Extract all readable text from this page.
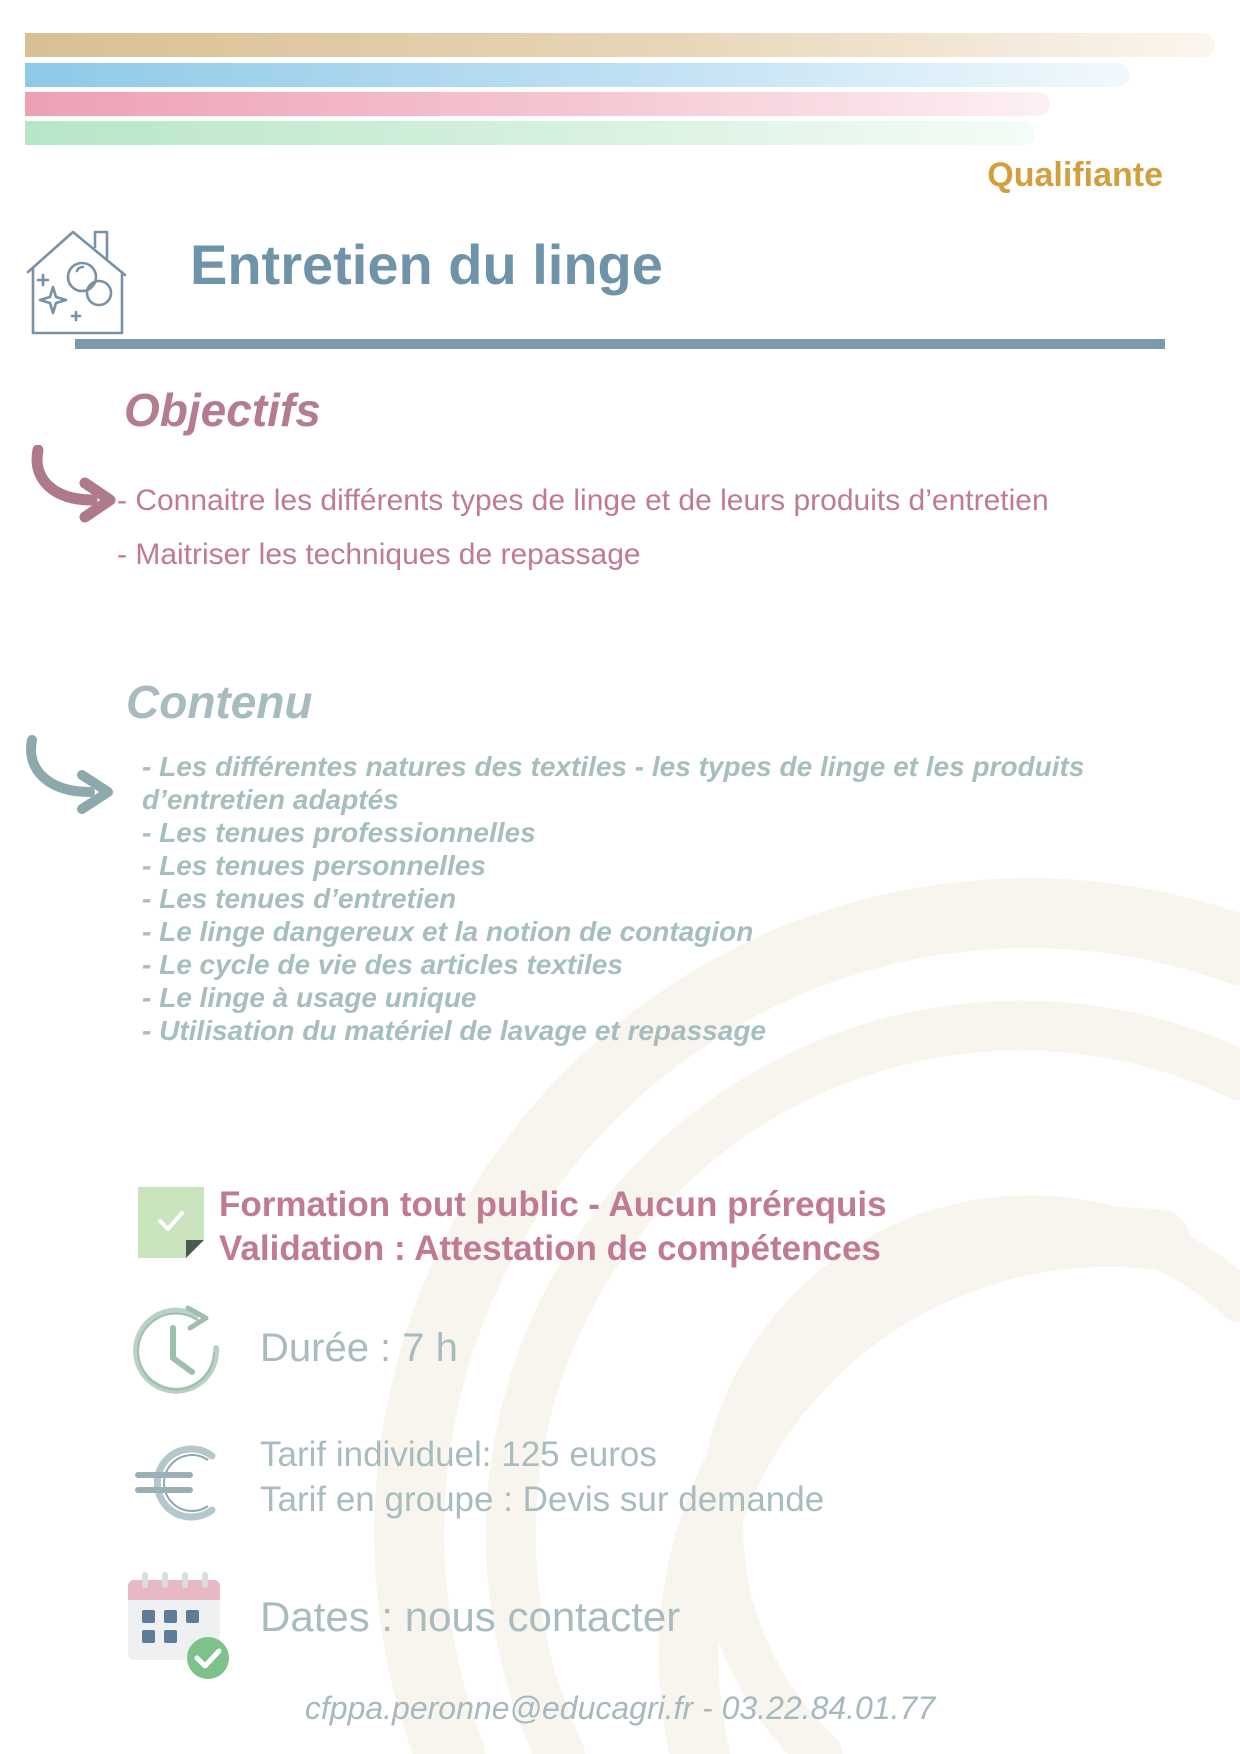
Qualifiante
Entretien du linge
Objectifs
- Connaitre les différents types de linge et de leurs produits d’entretien
- Maitriser les techniques de repassage
Contenu
- Les différentes natures des textiles - les types de linge et les produits d’entretien adaptés
- Les tenues professionnelles
- Les tenues personnelles
- Les tenues d’entretien
- Le linge dangereux et la notion de contagion
- Le cycle de vie des articles textiles
- Le linge à usage unique
- Utilisation du matériel de lavage et repassage
Formation tout public - Aucun prérequis
Validation : Attestation de compétences
Durée : 7 h
Tarif individuel: 125 euros
Tarif en groupe : Devis sur demande
Dates : nous contacter
cfppa.peronne@educagri.fr - 03.22.84.01.77
